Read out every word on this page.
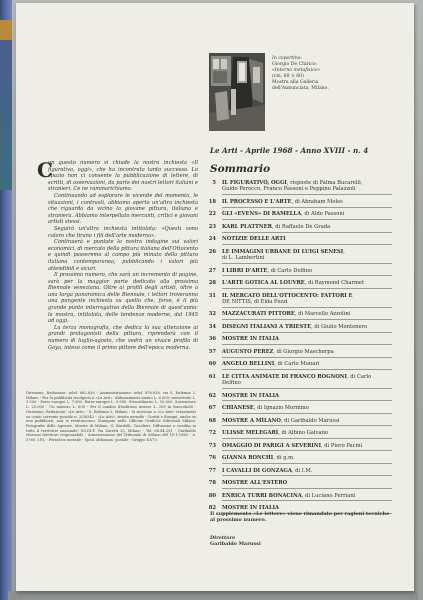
In copertina:
Giorgio De Chirico:
«Interno metafisico»
(cm. 80 × 60)
Mostra alla Galleria
dell'Annunciata, Milano.
Le Arti - Aprile 1968 - Anno XVIII - n. 4
Sommario
5 IL FIGURATIVO, OGGI, risposte di Palma Bucarelli,
Guido Perocco, Franco Passoni e Peppino Palazzoli
18 IL PROCESSO E L'ARTE, di Abraham Moles
22 GLI «EVENS» DI RAMELLA, di Aldo Passoni
23 KARL PLATTNER, di Raffaele De Grada
24 NOTIZIE DELLE ARTI
26 LE IMMAGINI URBANE DI LUIGI SENESI,
di L. Lambertini
27 I LIBRI D'ARTE, di Carlo Delfino
28 L'ARTE GOTICA AL LOUVRE, di Raymond Charmet
31 IL MERCATO DELL'OTTOCENTO: FATTORI E
DE NITTIS, di Elda Fezzi
32 MAZZACURATI PITTORE, di Marcello Azzolini
34 DISEGNI ITALIANI A TRIESTE, di Giulio Montenero
36 MOSTRE IN ITALIA
57 AUGUSTO PEREZ, di Giorgio Mascherpa
60 ANGELO BELLINI, di Carlo Munari
61 LE CITTA ANIMATE DI FRANCO ROGNONI, di Carlo
Delfino
62 MOSTRE IN ITALIA
67 CHIANESE, di Ignazio Mormino
68 MOSTRE A MILANO, di Garibaldo Marussi
72 ULISSE MELEGARI, di Albino Galvano
73 OMAGGIO DI PARIGI A SEVERINI, di Piero Pacini
76 GIANNA RONCHI, di g.m.
77 I CAVALLI DI GONZAGA, di I.M.
78 MOSTRE ALL'ESTERO
80 ENRICA TURRI BONACINA, di Luciano Ferriani
82 MOSTRE IN ITALIA
C

on questo numero si chiude la nostra inchiesta «Il figurativo, oggi», che ha incontrato tanto successo. Lo spazio non ci consente la pubblicazione di lettere, di scritti, di osservazioni, da parte dei nostri lettori italiani e stranieri. Ce ne rammarichiamo.

Continuando ad esplorare le vicende del momento, le situazioni, i contrasti, abbiamo aperto un'altra inchiesta che riguarda da vicino la giovane pittura, italiana e straniera. Abbiamo interpellato mercanti, critici e giovani artisti stessi.

Seguirà un'altra inchiesta intitolata: «Questi sono coloro che tirano i fili dell'arte moderna».

Continuerà e puntate la nostra indagine sui valori economici, di mercato della pittura italiana dell'Ottocento e quindi passeremo al campo più minato della pittura italiana contemporanea, pubblicando i valori più attendibili e sicuri.

Il prossimo numero, che sarà un incremento di pagine, sarà per la maggior parte dedicato alla prossima Biennale veneziana. Oltre ai profili degli artisti, oltre a una larga panoramica delle Biennale, i lettori troveranno una pungente inchiesta su quello che, forse, è il più grande punto interrogativo della Biennale di quest'anno: la mostra, intitolata, delle tendenze moderne, dal 1945 ad oggi.

La terza monografia, che dedica la sua attenzione ai grandi protagonisti della pittura, riprenderà con il numero di luglio-agosto, che vedrà un vivace profilo di Goya, inteso come il primo pittore dell'epoca moderna.

Direzione, Redazione: telef. 862.828 - Amministrazione: telef. 876.636, via S. Eufemia 2, Milano - Per la pubblicità rivolgersi a «Le Arti». Abbonamento annuo L. 6.000; semestrale L. 3.500 - Paesi europei L. 7.000. Extra-europei L. 9.000. Straordinario L. 10.000. Sostenitore L. 25.000 - Un numero L. 600 - Per il cambio d'indirizzo inviare L. 100 in francobolli - Direzione, Redazione: «Le Arti» - S. Eufemia 2, Milano - Si ricevono a «Le Arti» versamenti su conto corrente postale n. 3/36542 - «Le Arti», rivista mensile - Scritti e disegni, anche se non pubblicati, non si restituiscono. Stampato nelle Officine Grafiche Editoriali Milano. Fotografie delle Agenzie, Mostre di Milano, G. Bardelli, Cavalieri. Diffusione e vendita in tutto il territorio nazionale: SO.DI.P. Via Zuretti 25, Milano - Tel. 68.84.251 - Garibaldo Marussi direttore responsabile - Autorizzazione del Tribunale di Milano del 15-1-1962 - n. 5760. I.P.I. - Periodico mensile - Sped. abbonam. postale - Gruppo III/70.
Il supplemento «Le lettere» viene rimandato per ragioni tecniche al prossimo numero.
Direttore
Garibaldo Marussi
